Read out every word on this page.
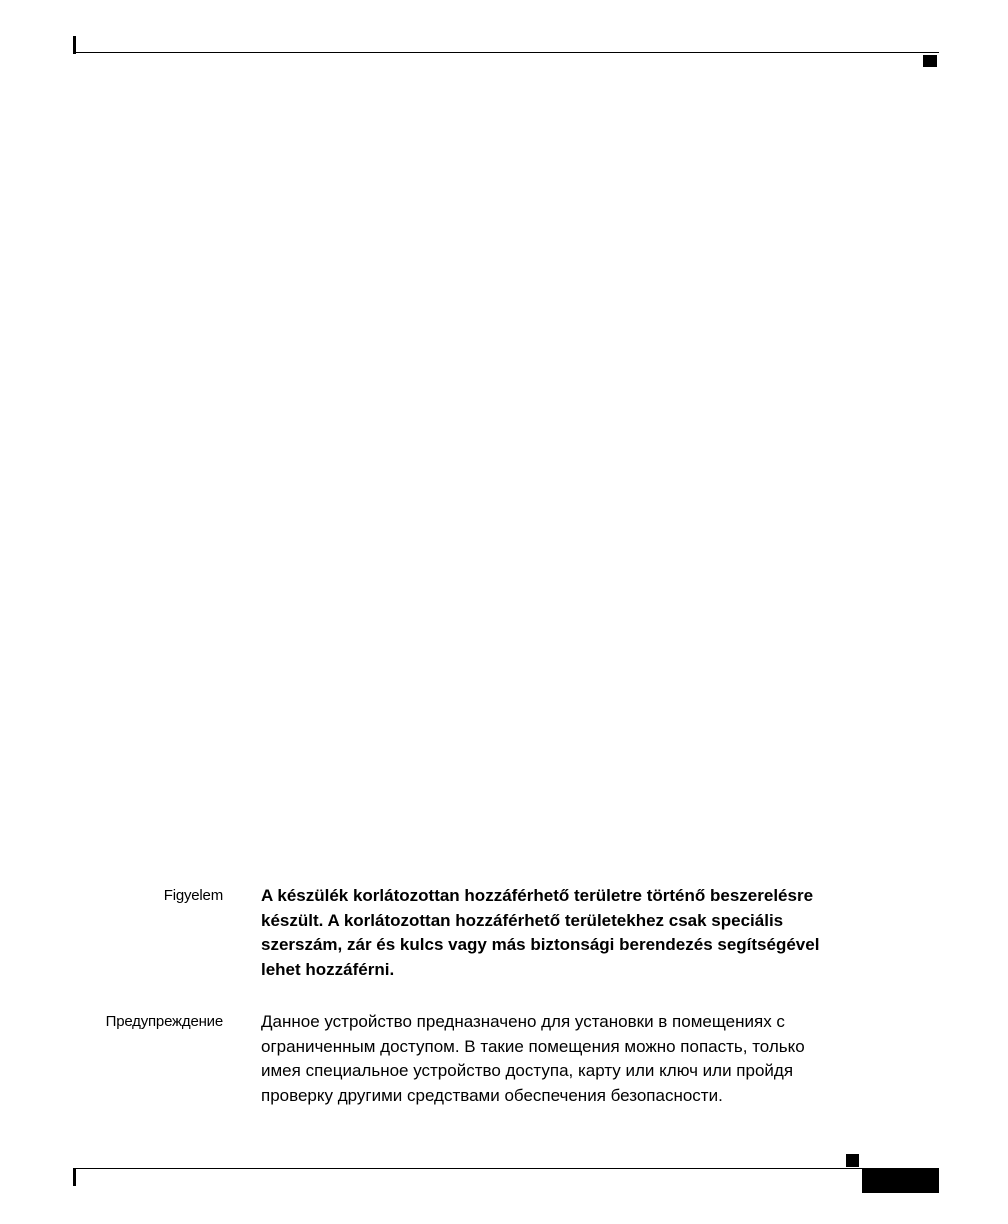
Figyelem A készülék korlátozottan hozzáférhető területre történő beszerelésre
készült. A korlátozottan hozzáférhető területekhez csak speciális
szerszám, zár és kulcs vagy más biztonsági berendezés segítségével
lehet hozzáférni.
Предупреждение Данное устройство предназначено для установки в помещениях с
ограниченным доступом. В такие помещения можно попасть, только
имея специальное устройство доступа, карту или ключ или пройдя
проверку другими средствами обеспечения безопасности.
